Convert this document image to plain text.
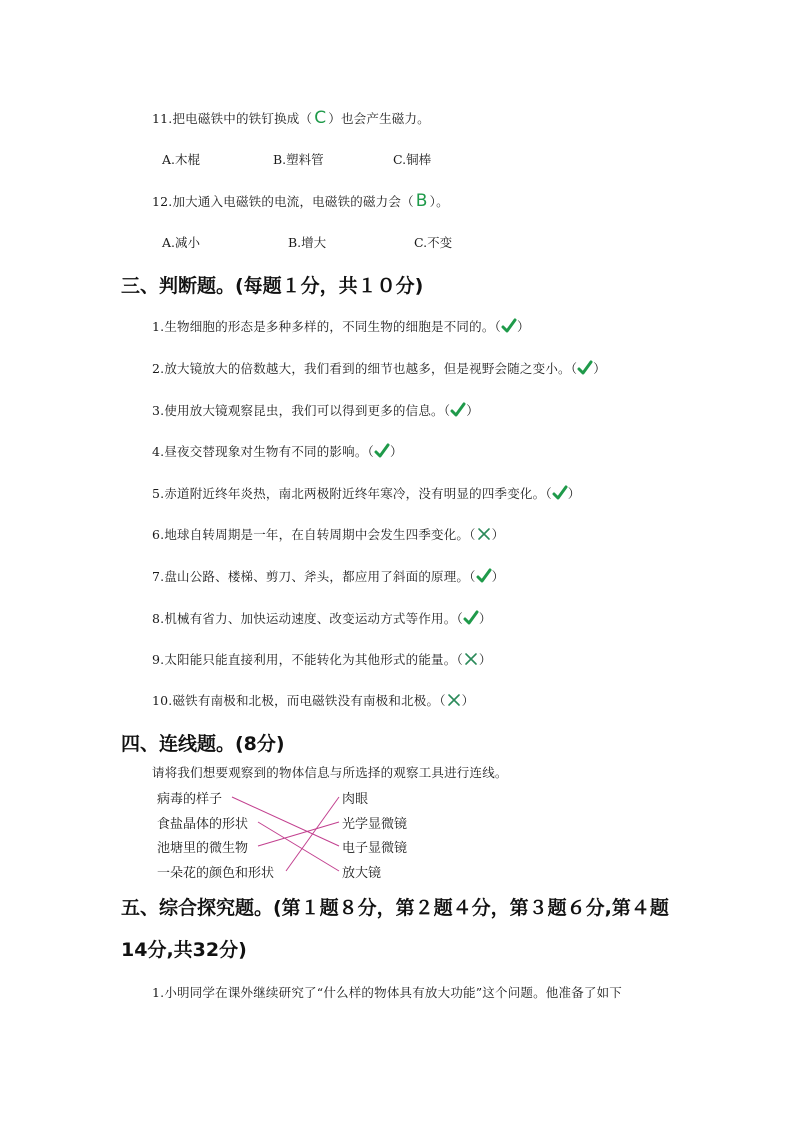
11.把电磁铁中的铁钉换成（ C ）也会产生磁力。
A.木棍	B.塑料管	C.铜棒
12.加大通入电磁铁的电流，电磁铁的磁力会（ B ）。
A.减小	B.增大	C.不变
三、判断题。(每题１分，共１０分)
1.生物细胞的形态是多种多样的，不同生物的细胞是不同的。（ ）
2.放大镜放大的倍数越大，我们看到的细节也越多，但是视野会随之变小。（ ）
3.使用放大镜观察昆虫，我们可以得到更多的信息。（ ）
4.昼夜交替现象对生物有不同的影响。（ ）
5.赤道附近终年炎热，南北两极附近终年寒冷，没有明显的四季变化。（ ）
6.地球自转周期是一年，在自转周期中会发生四季变化。（ ）
7.盘山公路、楼梯、剪刀、斧头，都应用了斜面的原理。（ ）
8.机械有省力、加快运动速度、改变运动方式等作用。（ ）
9.太阳能只能直接利用，不能转化为其他形式的能量。（ ）
10.磁铁有南极和北极，而电磁铁没有南极和北极。（ ）
四、连线题。(8分)
请将我们想要观察到的物体信息与所选择的观察工具进行连线。
病毒的样子
食盐晶体的形状
池塘里的微生物
一朵花的颜色和形状
肉眼
光学显微镜
电子显微镜
放大镜
五、综合探究题。(第１题８分，第２题４分，第３题６分,第４题
14分,共32分)
1.小明同学在课外继续研究了“什么样的物体具有放大功能”这个问题。他准备了如下
